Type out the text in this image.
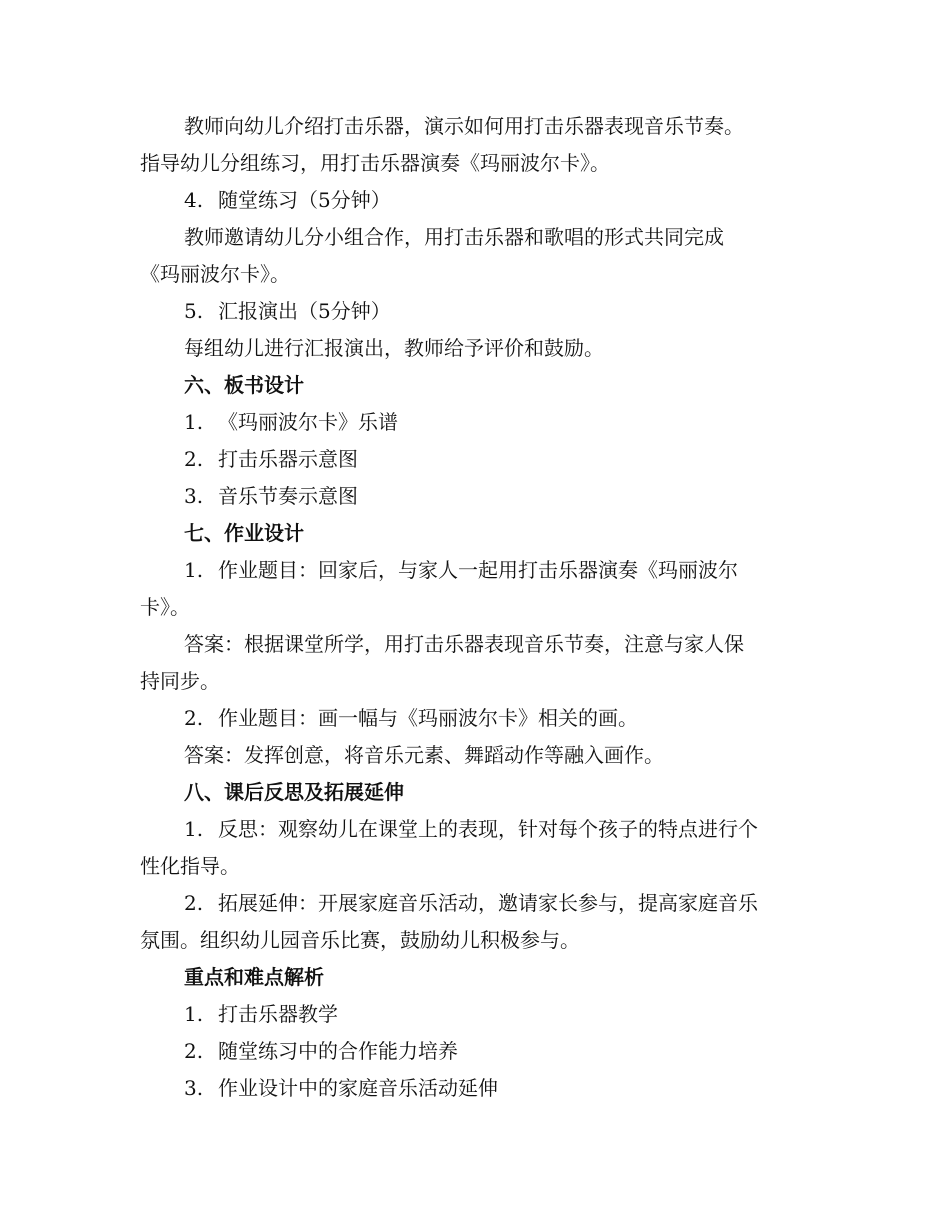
教师向幼儿介绍打击乐器，演示如何用打击乐器表现音乐节奏。
指导幼儿分组练习，用打击乐器演奏《玛丽波尔卡》。
4. 随堂练习（5分钟）
教师邀请幼儿分小组合作，用打击乐器和歌唱的形式共同完成
《玛丽波尔卡》。
5. 汇报演出（5分钟）
每组幼儿进行汇报演出，教师给予评价和鼓励。
六、板书设计
1. 《玛丽波尔卡》乐谱
2. 打击乐器示意图
3. 音乐节奏示意图
七、作业设计
1. 作业题目：回家后，与家人一起用打击乐器演奏《玛丽波尔
卡》。
答案：根据课堂所学，用打击乐器表现音乐节奏，注意与家人保
持同步。
2. 作业题目：画一幅与《玛丽波尔卡》相关的画。
答案：发挥创意，将音乐元素、舞蹈动作等融入画作。
八、课后反思及拓展延伸
1. 反思：观察幼儿在课堂上的表现，针对每个孩子的特点进行个
性化指导。
2. 拓展延伸：开展家庭音乐活动，邀请家长参与，提高家庭音乐
氛围。组织幼儿园音乐比赛，鼓励幼儿积极参与。
重点和难点解析
1. 打击乐器教学
2. 随堂练习中的合作能力培养
3. 作业设计中的家庭音乐活动延伸
